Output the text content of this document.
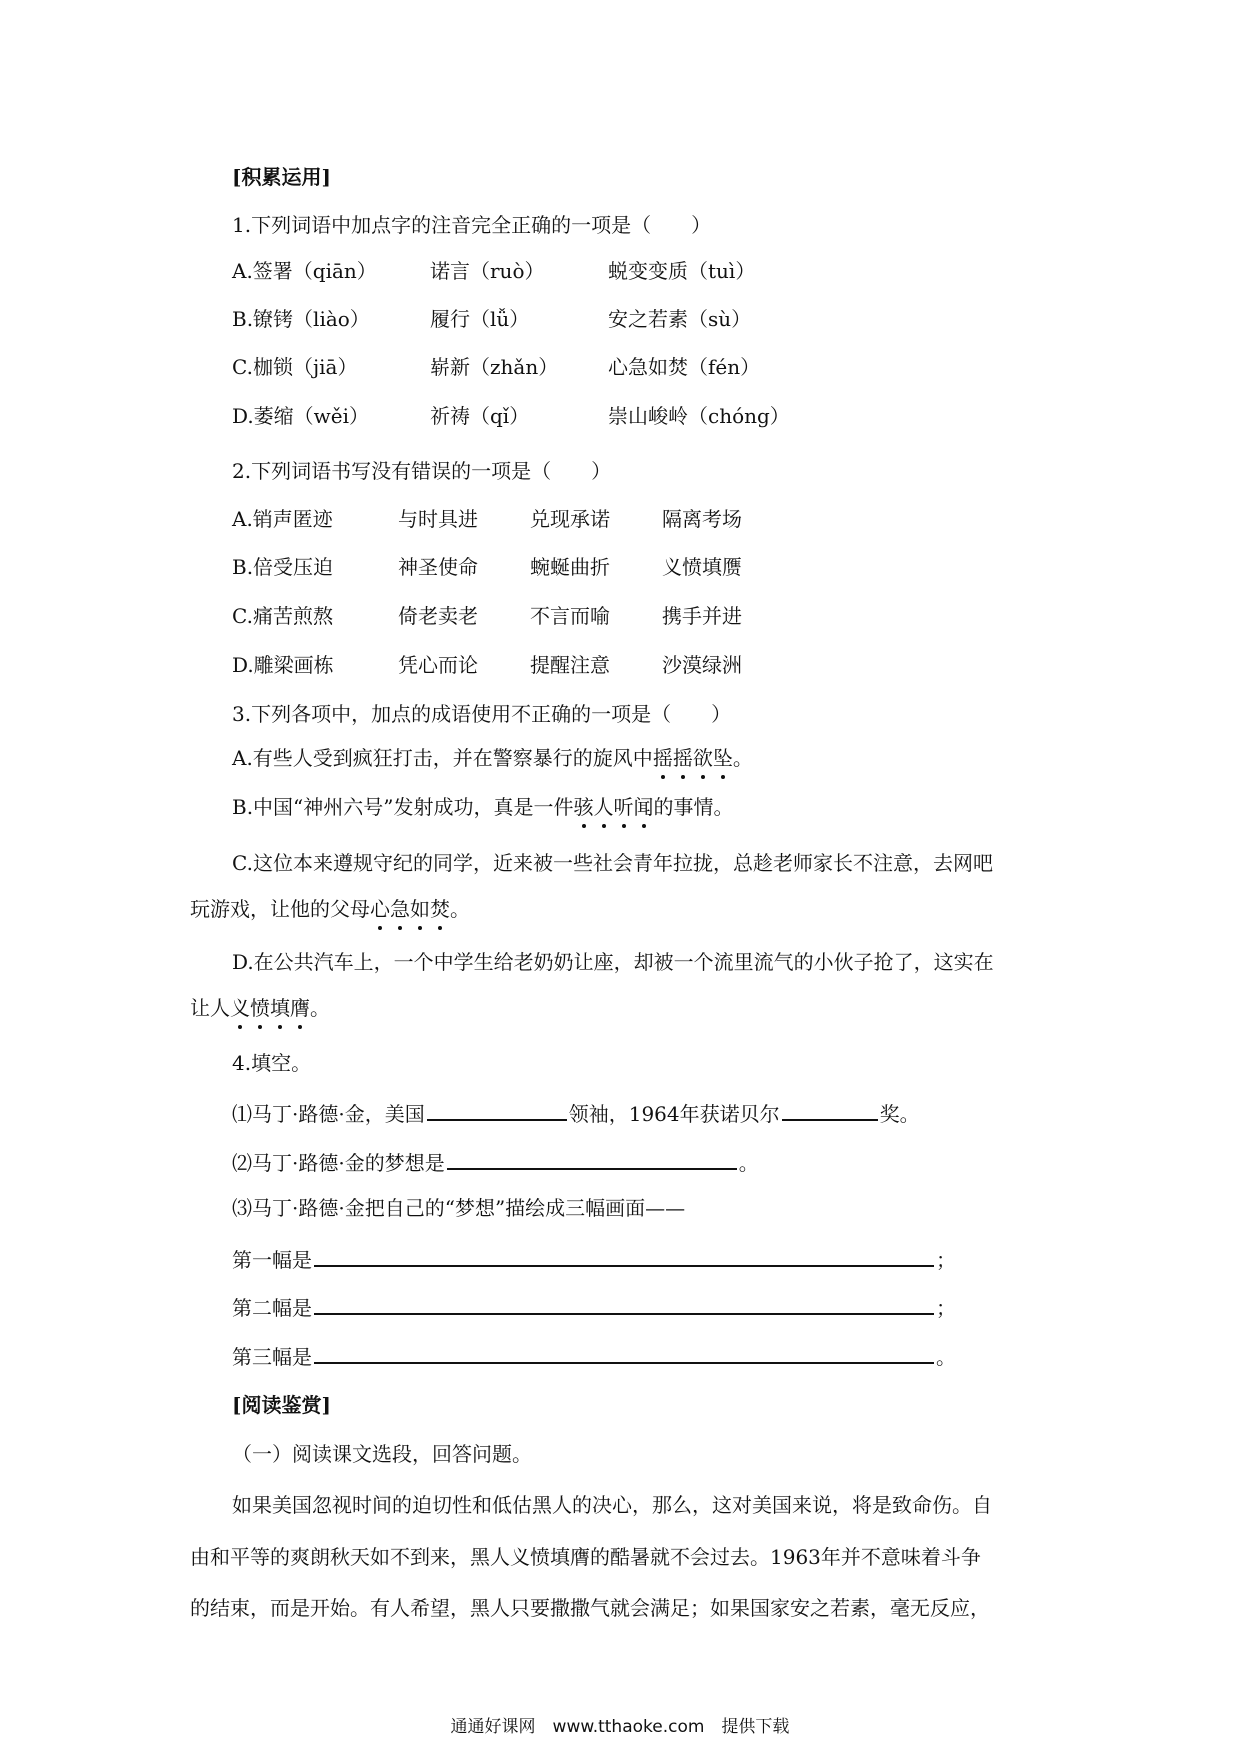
[积累运用]
1.下列词语中加点字的注音完全正确的一项是（　　）
A.签署（qiān）	诺言（ruò）	蜕变变质（tuì）
B.镣铐（liào）	履行（lǚ）	安之若素（sù）
C.枷锁（jiā）	崭新（zhǎn） 心急如焚（fén）
D.萎缩（wěi）	祈祷（qǐ）	崇山峻岭（chóng）
2.下列词语书写没有错误的一项是（　　）
A.销声匿迹	与时具进	兑现承诺	隔离考场
B.倍受压迫	神圣使命	蜿蜒曲折	义愤填赝
C.痛苦煎熬	倚老卖老	不言而喻	携手并进
D.雕梁画栋	凭心而论	提醒注意	沙漠绿洲
3.下列各项中，加点的成语使用不正确的一项是（　　）
A.有些人受到疯狂打击，并在警察暴行的旋风中摇摇欲坠。
B.中国“神州六号”发射成功，真是一件骇人听闻的事情。
C.这位本来遵规守纪的同学，近来被一些社会青年拉拢，总趁老师家长不注意，去网吧
玩游戏，让他的父母心急如焚。
D.在公共汽车上，一个中学生给老奶奶让座，却被一个流里流气的小伙子抢了，这实在
让人义愤填膺。
4.填空。
⑴马丁·路德·金，美国	领袖，1964年获诺贝尔	奖。
⑵马丁·路德·金的梦想是	。
⑶马丁·路德·金把自己的“梦想”描绘成三幅画面——
第一幅是	；
第二幅是	；
第三幅是	。
[阅读鉴赏]
（一）阅读课文选段，回答问题。
如果美国忽视时间的迫切性和低估黑人的决心，那么，这对美国来说，将是致命伤。自
由和平等的爽朗秋天如不到来，黑人义愤填膺的酷暑就不会过去。1963年并不意味着斗争
的结束，而是开始。有人希望，黑人只要撒撒气就会满足；如果国家安之若素，毫无反应，
通通好课网　www.tthaoke.com　提供下载
